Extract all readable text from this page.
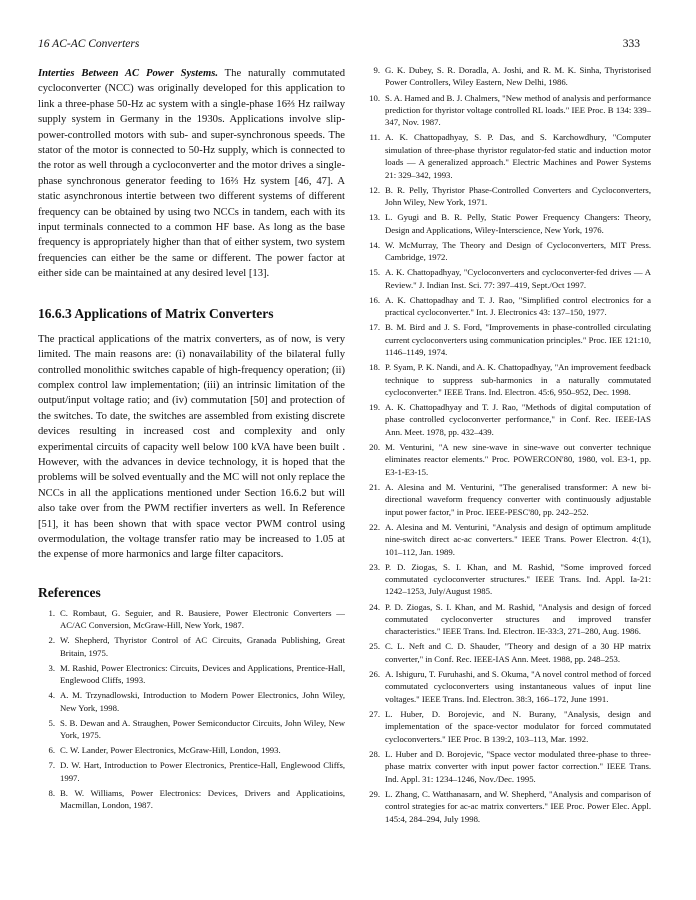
16 AC-AC Converters	333

Interties Between AC Power Systems. The naturally commutated cycloconverter (NCC) was originally developed for this application to link a three-phase 50-Hz ac system with a single-phase 16⅔ Hz railway supply system in Germany in the 1930s. Applications involve slip-power-controlled motors with sub- and super-synchronous speeds. The stator of the motor is connected to 50-Hz supply, which is connected to the rotor as well through a cycloconverter and the motor drives a single-phase synchronous generator feeding to 16⅔ Hz system [46, 47]. A static asynchronous intertie between two different systems of different frequency can be obtained by using two NCCs in tandem, each with its input terminals connected to a common HF base. As long as the base frequency is appropriately higher than that of either system, two system frequencies can either be the same or different. The power factor at either side can be maintained at any desired level [13].

16.6.3 Applications of Matrix Converters

The practical applications of the matrix converters, as of now, is very limited. The main reasons are: (i) nonavailability of the bilateral fully controlled monolithic switches capable of high-frequency operation; (ii) complex control law implementation; (iii) an intrinsic limitation of the output/input voltage ratio; and (iv) commutation [50] and protection of the switches. To date, the switches are assembled from existing discrete devices resulting in increased cost and complexity and only experimental circuits of capacity well below 100 kVA have been built . However, with the advances in device technology, it is hoped that the problems will be solved eventually and the MC will not only replace the NCCs in all the applications mentioned under Section 16.6.2 but will also take over from the PWM rectifier inverters as well. In Reference [51], it has been shown that with space vector PWM control using overmodulation, the voltage transfer ratio may be increased to 1.05 at the expense of more harmonics and large filter capacitors.

References
1. C. Rombaut, G. Seguier, and R. Bausiere, Power Electronic Converters — AC/AC Conversion, McGraw-Hill, New York, 1987.
2. W. Shepherd, Thyristor Control of AC Circuits, Granada Publishing, Great Britain, 1975.
3. M. Rashid, Power Electronics: Circuits, Devices and Applications, Prentice-Hall, Englewood Cliffs, 1993.
4. A. M. Trzynadlowski, Introduction to Modern Power Electronics, John Wiley, New York, 1998.
5. S. B. Dewan and A. Straughen, Power Semiconductor Circuits, John Wiley, New York, 1975.
6. C. W. Lander, Power Electronics, McGraw-Hill, London, 1993.
7. D. W. Hart, Introduction to Power Electronics, Prentice-Hall, Englewood Cliffs, 1997.
8. B. W. Williams, Power Electronics: Devices, Drivers and Applicatioins, Macmillan, London, 1987.
9. G. K. Dubey, S. R. Doradla, A. Joshi, and R. M. K. Sinha, Thyristorised Power Controllers, Wiley Eastern, New Delhi, 1986.
10. S. A. Hamed and B. J. Chalmers, "New method of analysis and performance prediction for thyristor voltage controlled RL loads." IEE Proc. B 134: 339–347, Nov. 1987.
11. A. K. Chattopadhyay, S. P. Das, and S. Karchowdhury, "Computer simulation of three-phase thyristor regulator-fed static and induction motor loads — A generalized approach." Electric Machines and Power Systems 21: 329–342, 1993.
12. B. R. Pelly, Thyristor Phase-Controlled Converters and Cycloconverters, John Wiley, New York, 1971.
13. L. Gyugi and B. R. Pelly, Static Power Frequency Changers: Theory, Design and Applications, Wiley-Interscience, New York, 1976.
14. W. McMurray, The Theory and Design of Cycloconverters, MIT Press. Cambridge, 1972.
15. A. K. Chattopadhyay, "Cycloconverters and cycloconverter-fed drives — A Review." J. Indian Inst. Sci. 77: 397–419, Sept./Oct 1997.
16. A. K. Chattopadhay and T. J. Rao, "Simplified control electronics for a practical cycloconverter." Int. J. Electronics 43: 137–150, 1977.
17. B. M. Bird and J. S. Ford, "Improvements in phase-controlled circulating current cycloconverters using communication principles." Proc. IEE 121:10, 1146–1149, 1974.
18. P. Syam, P. K. Nandi, and A. K. Chattopadhyay, "An improvement feedback technique to suppress sub-harmonics in a naturally commutated cycloconverter." IEEE Trans. Ind. Electron. 45:6, 950–952, Dec. 1998.
19. A. K. Chattopadhyay and T. J. Rao, "Methods of digital computation of phase controlled cycloconverter performance," in Conf. Rec. IEEE-IAS Ann. Meet. 1978, pp. 432–439.
20. M. Venturini, "A new sine-wave in sine-wave out converter technique eliminates reactor elements." Proc. POWERCON'80, 1980, vol. E3-1, pp. E3-1-E3-15.
21. A. Alesina and M. Venturini, "The generalised transformer: A new bi-directional waveform frequency converter with continuously adjustable input power factor," in Proc. IEEE-PESC'80, pp. 242–252.
22. A. Alesina and M. Venturini, "Analysis and design of optimum amplitude nine-switch direct ac-ac converters." IEEE Trans. Power Electron. 4:(1), 101–112, Jan. 1989.
23. P. D. Ziogas, S. I. Khan, and M. Rashid, "Some improved forced commutated cycloconverter structures." IEEE Trans. Ind. Appl. Ia-21: 1242–1253, July/August 1985.
24. P. D. Ziogas, S. I. Khan, and M. Rashid, "Analysis and design of forced commutated cycloconverter structures and improved transfer characteristics." IEEE Trans. Ind. Electron. IE-33:3, 271–280, Aug. 1986.
25. C. L. Neft and C. D. Shauder, "Theory and design of a 30 HP matrix converter," in Conf. Rec. IEEE-IAS Ann. Meet. 1988, pp. 248–253.
26. A. Ishiguru, T. Furuhashi, and S. Okuma, "A novel control method of forced commutated cycloconverters using instantaneous values of input line voltages." IEEE Trans. Ind. Electron. 38:3, 166–172, June 1991.
27. L. Huber, D. Borojevic, and N. Burany, "Analysis, design and implementation of the space-vector modulator for forced commutated cycloconverters." IEE Proc. B 139:2, 103–113, Mar. 1992.
28. L. Huber and D. Borojevic, "Space vector modulated three-phase to three-phase matrix converter with input power factor correction." IEEE Trans. Ind. Appl. 31: 1234–1246, Nov./Dec. 1995.
29. L. Zhang, C. Watthanasarn, and W. Shepherd, "Analysis and comparison of control strategies for ac-ac matrix converters." IEE Proc. Power Elec. Appl. 145:4, 284–294, July 1998.
